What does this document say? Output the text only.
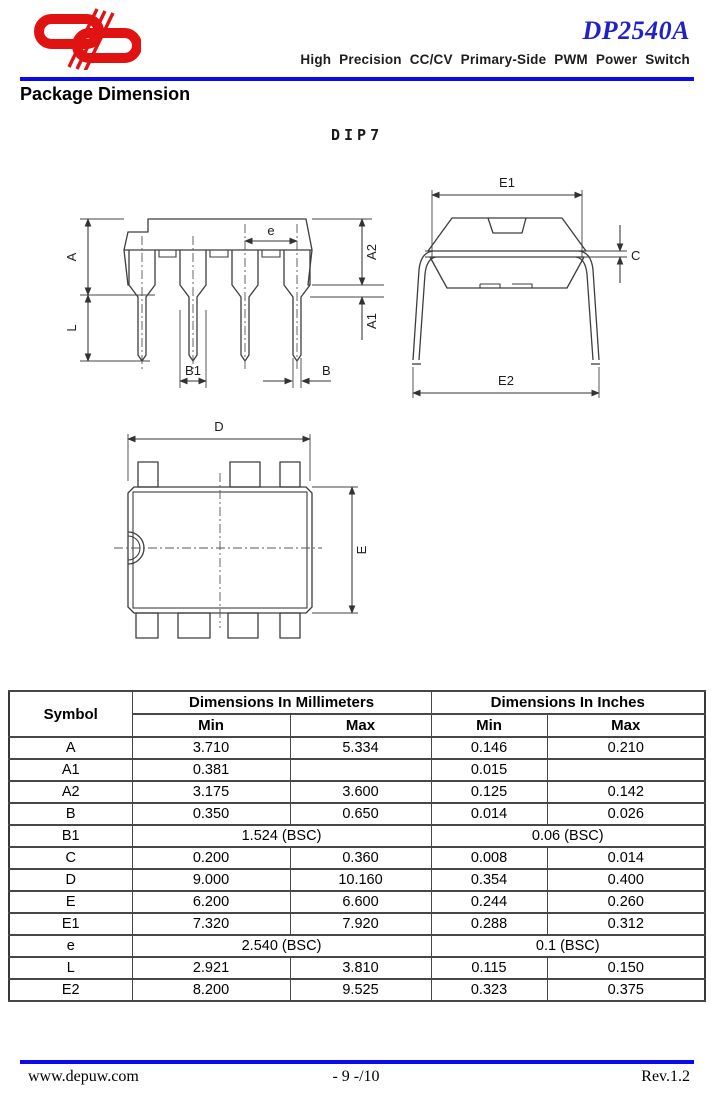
DP2540A
High Precision CC/CV Primary-Side PWM Power Switch
Package Dimension
DIP7
A
L
e
A2
A1
B1	B
E1
C
E2
D
E
Symbol	Dimensions In Millimeters		Dimensions In Inches	
	Min	Max	Min	Max
A	3.710	5.334	0.146	0.210
A1	0.381		0.015	
A2	3.175	3.600	0.125	0.142
B	0.350	0.650	0.014	0.026
B1	1.524 (BSC)		0.06 (BSC)	
C	0.200	0.360	0.008	0.014
D	9.000	10.160	0.354	0.400
E	6.200	6.600	0.244	0.260
E1	7.320	7.920	0.288	0.312
e	2.540 (BSC)		0.1 (BSC)	
L	2.921	3.810	0.115	0.150
E2	8.200	9.525	0.323	0.375
- 9 -/10
www.depuw.com	Rev.1.2
